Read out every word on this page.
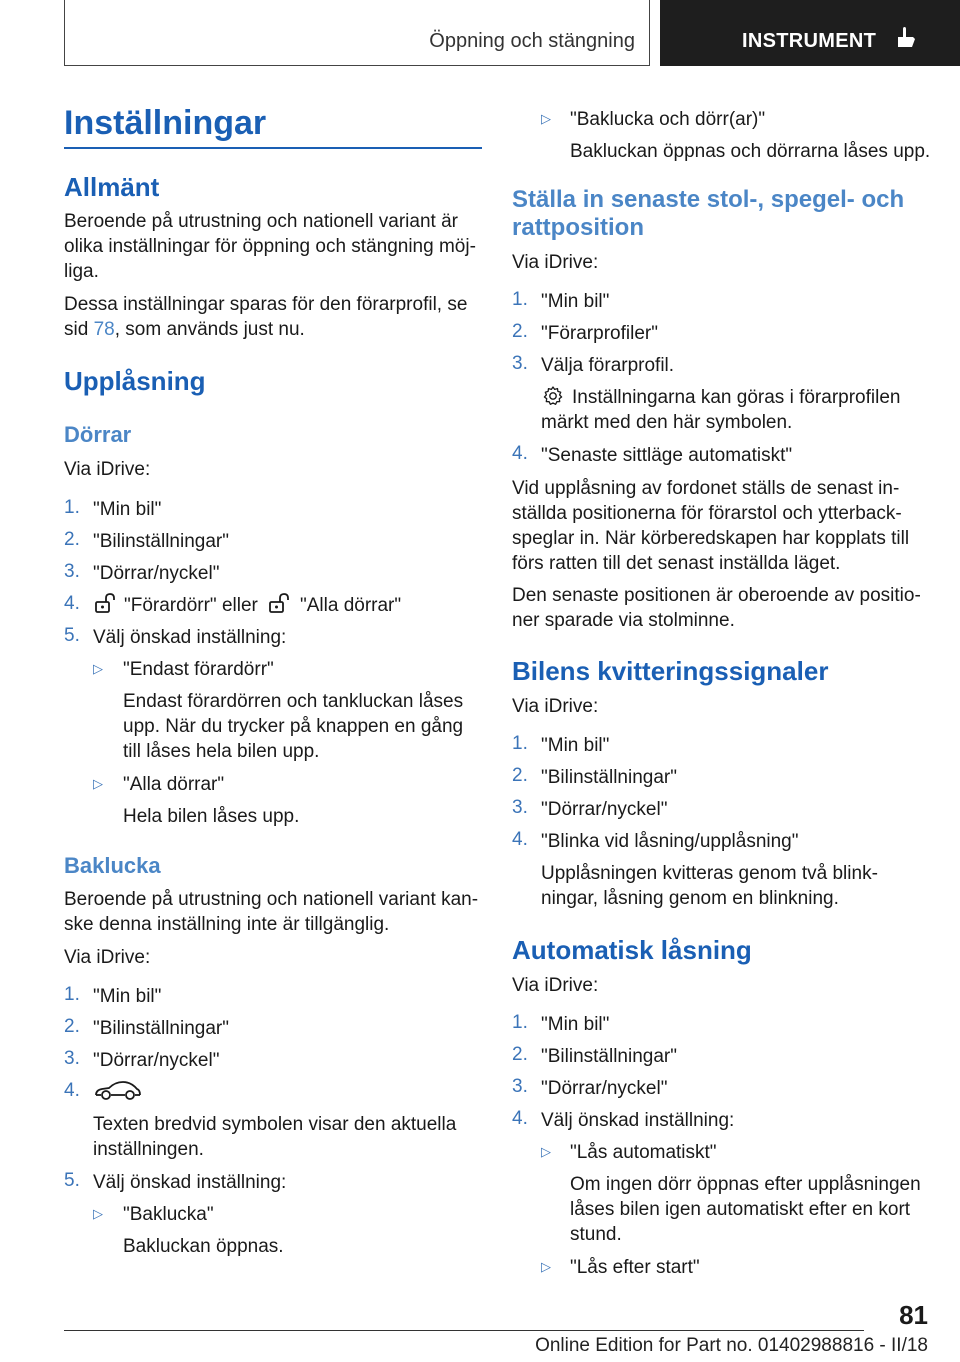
Öppning och stängning	INSTRUMENT
Inställningar
Allmänt
Beroende på utrustning och nationell variant är
olika inställningar för öppning och stängning möj-
liga.
Dessa inställningar sparas för den förarprofil, se
sid 78, som används just nu.
Upplåsning
Dörrar
Via iDrive:
1. "Min bil"
2. "Bilinställningar"
3. "Dörrar/nyckel"
4. "Förardörr" eller "Alla dörrar"
5. Välj önskad inställning:
▷ "Endast förardörr"
Endast förardörren och tankluckan låses
upp. När du trycker på knappen en gång
till låses hela bilen upp.
▷ "Alla dörrar"
Hela bilen låses upp.
Baklucka
Beroende på utrustning och nationell variant kan-
ske denna inställning inte är tillgänglig.
Via iDrive:
1. "Min bil"
2. "Bilinställningar"
3. "Dörrar/nyckel"
4.
Texten bredvid symbolen visar den aktuella
inställningen.
5. Välj önskad inställning:
▷ "Baklucka"
Bakluckan öppnas.
▷ "Baklucka och dörr(ar)"
Bakluckan öppnas och dörrarna låses upp.
Ställa in senaste stol-, spegel- och
rattposition
Via iDrive:
1. "Min bil"
2. "Förarprofiler"
3. Välja förarprofil.
Inställningarna kan göras i förarprofilen
märkt med den här symbolen.
4. "Senaste sittläge automatiskt"
Vid upplåsning av fordonet ställs de senast in-
ställda positionerna för förarstol och ytterback-
speglar in. När körberedskapen har kopplats till
förs ratten till det senast inställda läget.
Den senaste positionen är oberoende av positio-
ner sparade via stolminne.
Bilens kvitteringssignaler
Via iDrive:
1. "Min bil"
2. "Bilinställningar"
3. "Dörrar/nyckel"
4. "Blinka vid låsning/upplåsning"
Upplåsningen kvitteras genom två blink-
ningar, låsning genom en blinkning.
Automatisk låsning
Via iDrive:
1. "Min bil"
2. "Bilinställningar"
3. "Dörrar/nyckel"
4. Välj önskad inställning:
▷ "Lås automatiskt"
Om ingen dörr öppnas efter upplåsningen
låses bilen igen automatiskt efter en kort
stund.
▷ "Lås efter start"
81
Online Edition for Part no. 01402988816 - II/18
